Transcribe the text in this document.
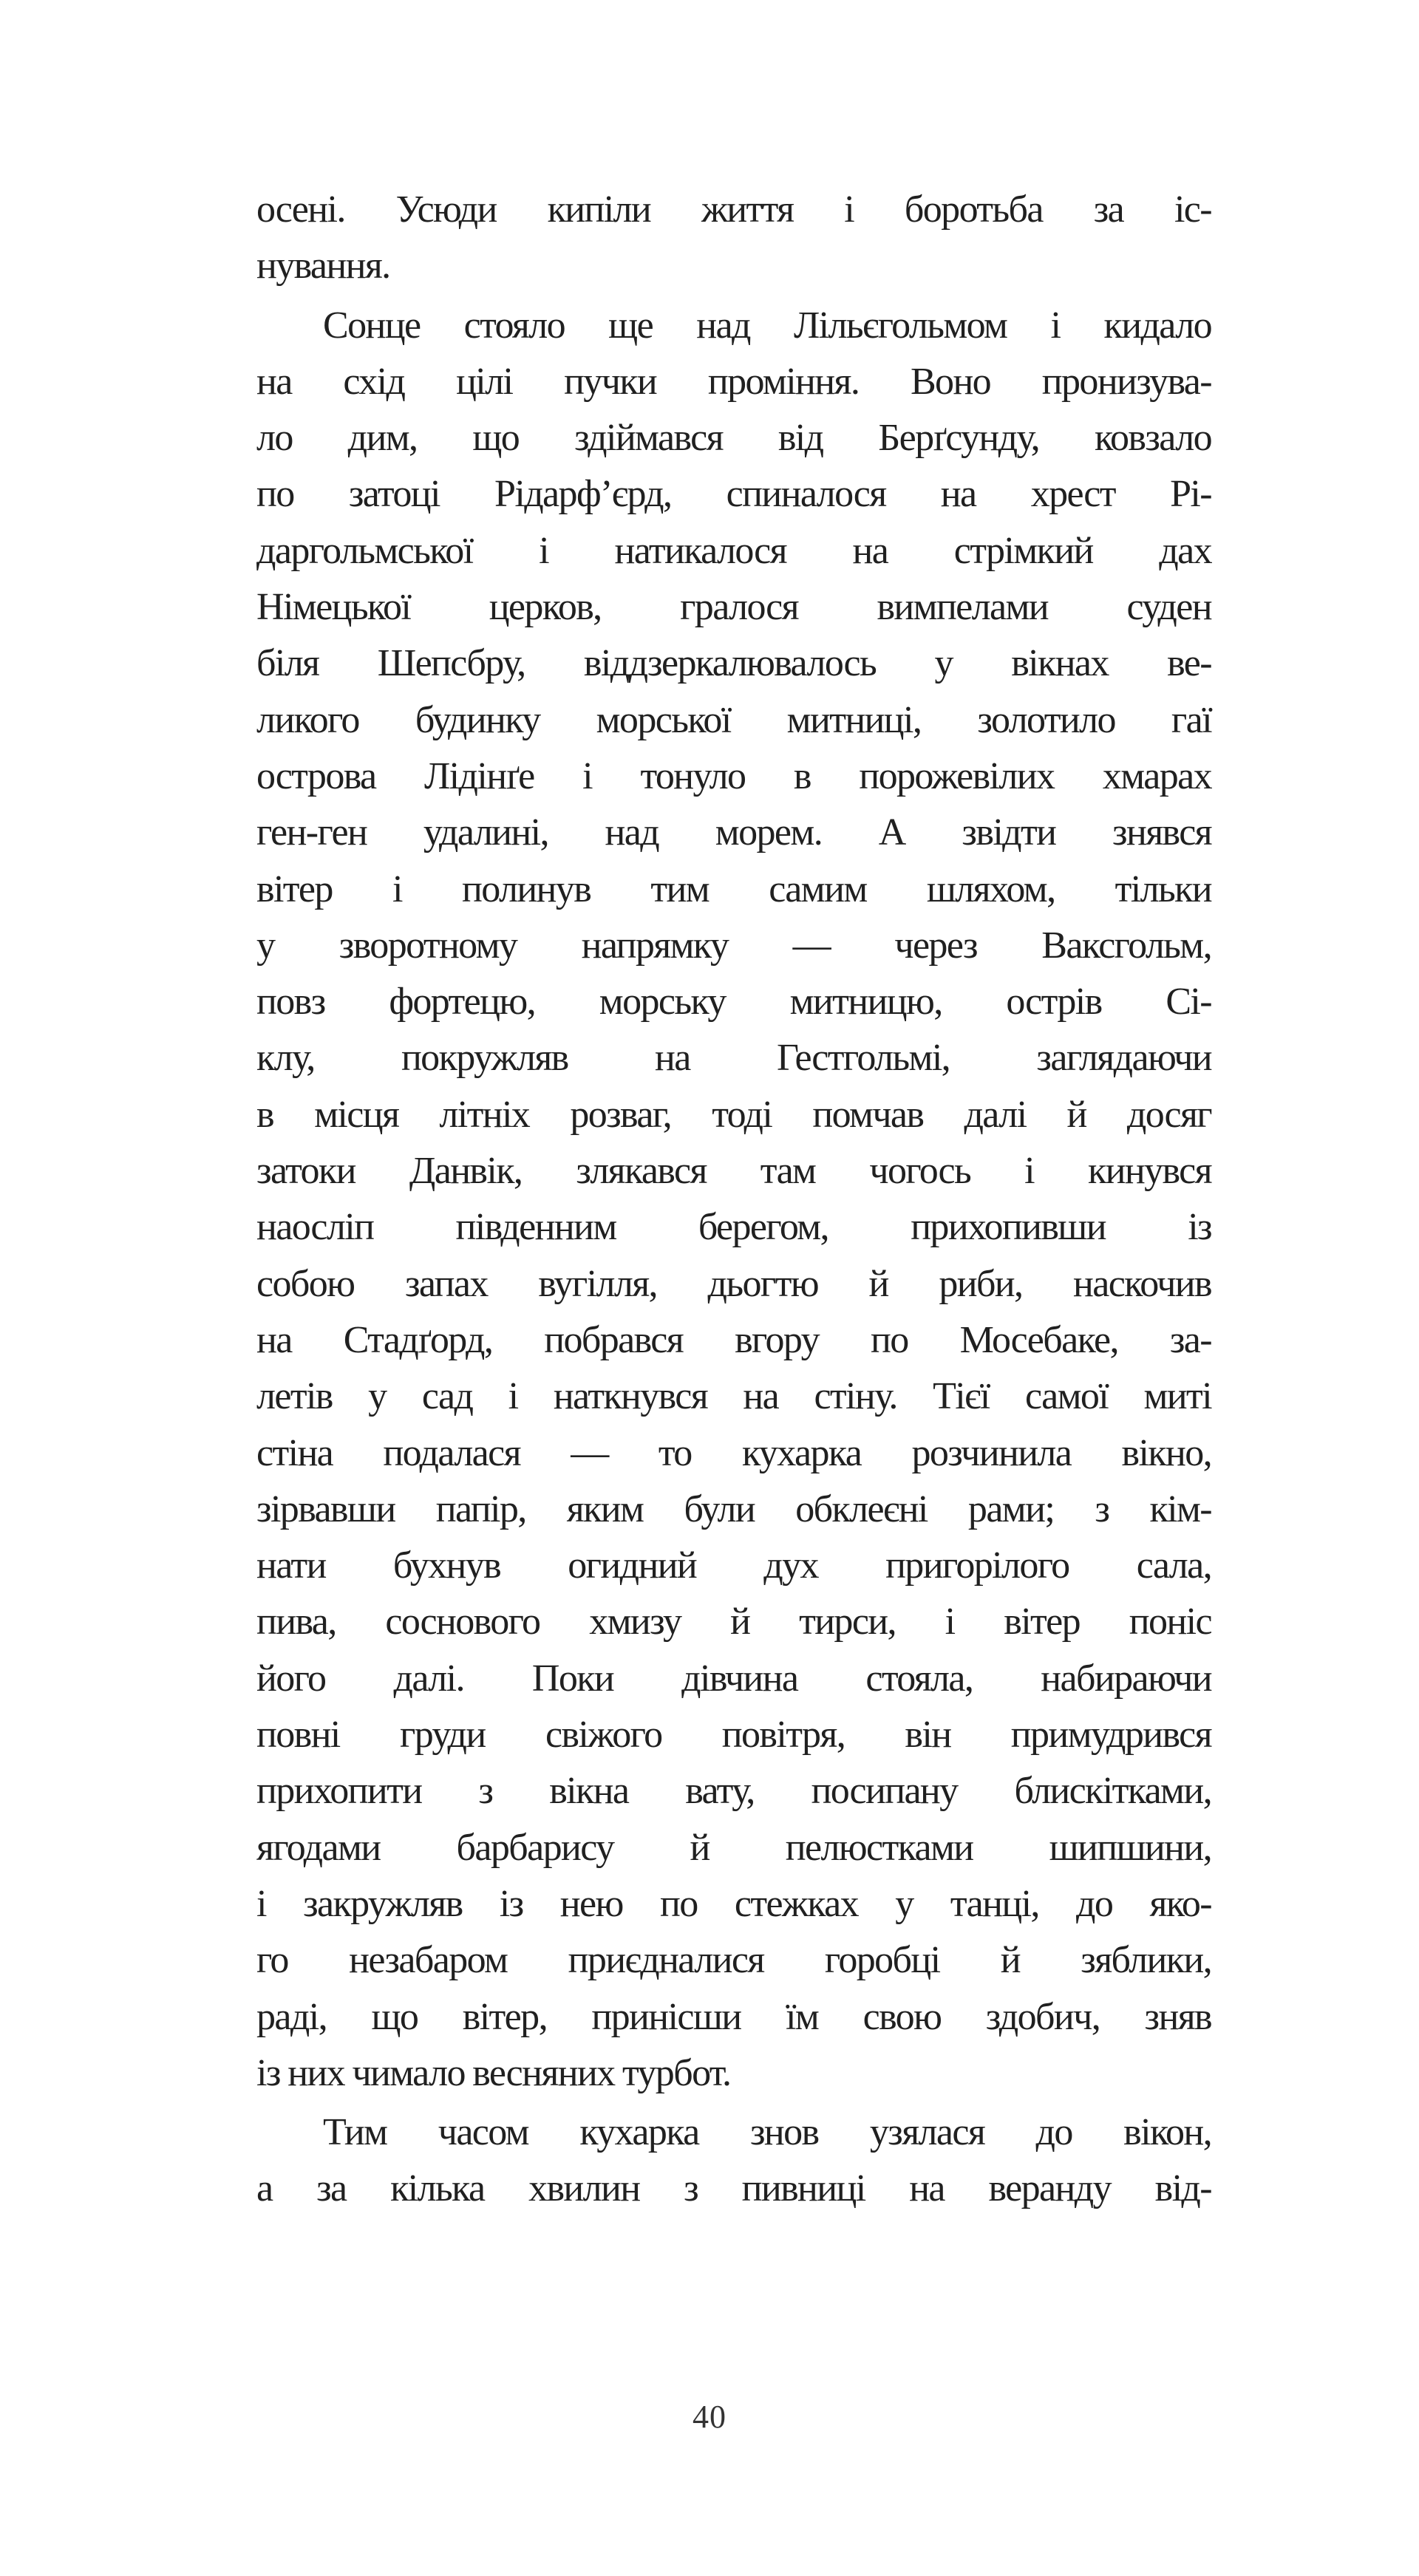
осені. Усюди кипіли життя і боротьба за іс-
нування.

Сонце стояло ще над Лільєгольмом і кидало
на схід цілі пучки проміння. Воно пронизува-
ло дим, що здіймався від Берґсунду, ковзало
по затоці Рідарф’єрд, спиналося на хрест Рі-
даргольмської і натикалося на стрімкий дах
Німецької церков, гралося вимпелами суден
біля Шепсбру, віддзеркалювалось у вікнах ве-
ликого будинку морської митниці, золотило гаї
острова Лідінґе і тонуло в порожевілих хмарах
ген-ген удалині, над морем. А звідти знявся
вітер і полинув тим самим шляхом, тільки
у зворотному напрямку — через Ваксгольм,
повз фортецю, морську митницю, острів Сі-
клу, покружляв на Гестгольмі, заглядаючи
в місця літніх розваг, тоді помчав далі й досяг
затоки Данвік, злякався там чогось і кинувся
наосліп південним берегом, прихопивши із
собою запах вугілля, дьогтю й риби, наскочив
на Стадґорд, побрався вгору по Мосебаке, за-
летів у сад і наткнувся на стіну. Тієї самої миті
стіна подалася — то кухарка розчинила вікно,
зірвавши папір, яким були обклеєні рами; з кім-
нати бухнув огидний дух пригорілого сала,
пива, соснового хмизу й тирси, і вітер поніс
його далі. Поки дівчина стояла, набираючи
повні груди свіжого повітря, він примудрився
прихопити з вікна вату, посипану блискітками,
ягодами барбарису й пелюстками шипшини,
і закружляв із нею по стежках у танці, до яко-
го незабаром приєдналися горобці й зяблики,
раді, що вітер, принісши їм свою здобич, зняв
із них чимало весняних турбот.

Тим часом кухарка знов узялася до вікон,
а за кілька хвилин з пивниці на веранду від-

40
